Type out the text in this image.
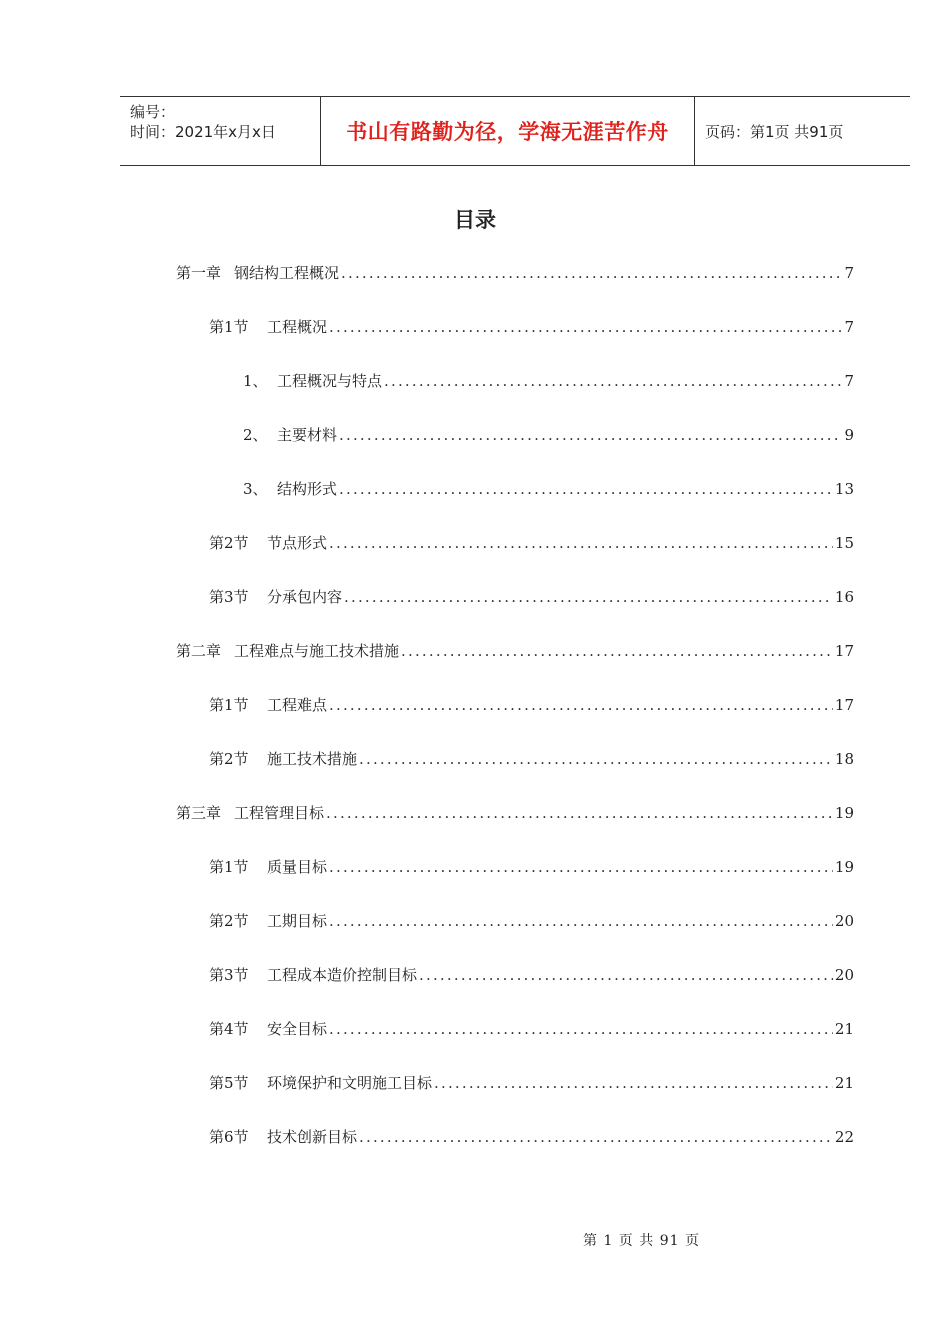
编号：
时间：2021年x月x日	书山有路勤为径，学海无涯苦作舟 页码：第1页 共91页
目录
第一章 钢结构工程概况 .....	7
第1节	工程概况 .....	7
1、 工程概况与特点 .....	7
2、 主要材料 .....	9
3、 结构形式 .....	13
第2节	节点形式 .....	15
第3节	分承包内容 .....	16
第二章 工程难点与施工技术措施 .....	17
第1节	工程难点 .....	17
第2节	施工技术措施 .....	18
第三章 工程管理目标 .....	19
第1节	质量目标 .....	19
第2节	工期目标 .....	20
第3节	工程成本造价控制目标 .....	20
第4节	安全目标 .....	21
第5节	环境保护和文明施工目标 .....	21
第6节	技术创新目标 .....	22
第 1 页 共 91 页
